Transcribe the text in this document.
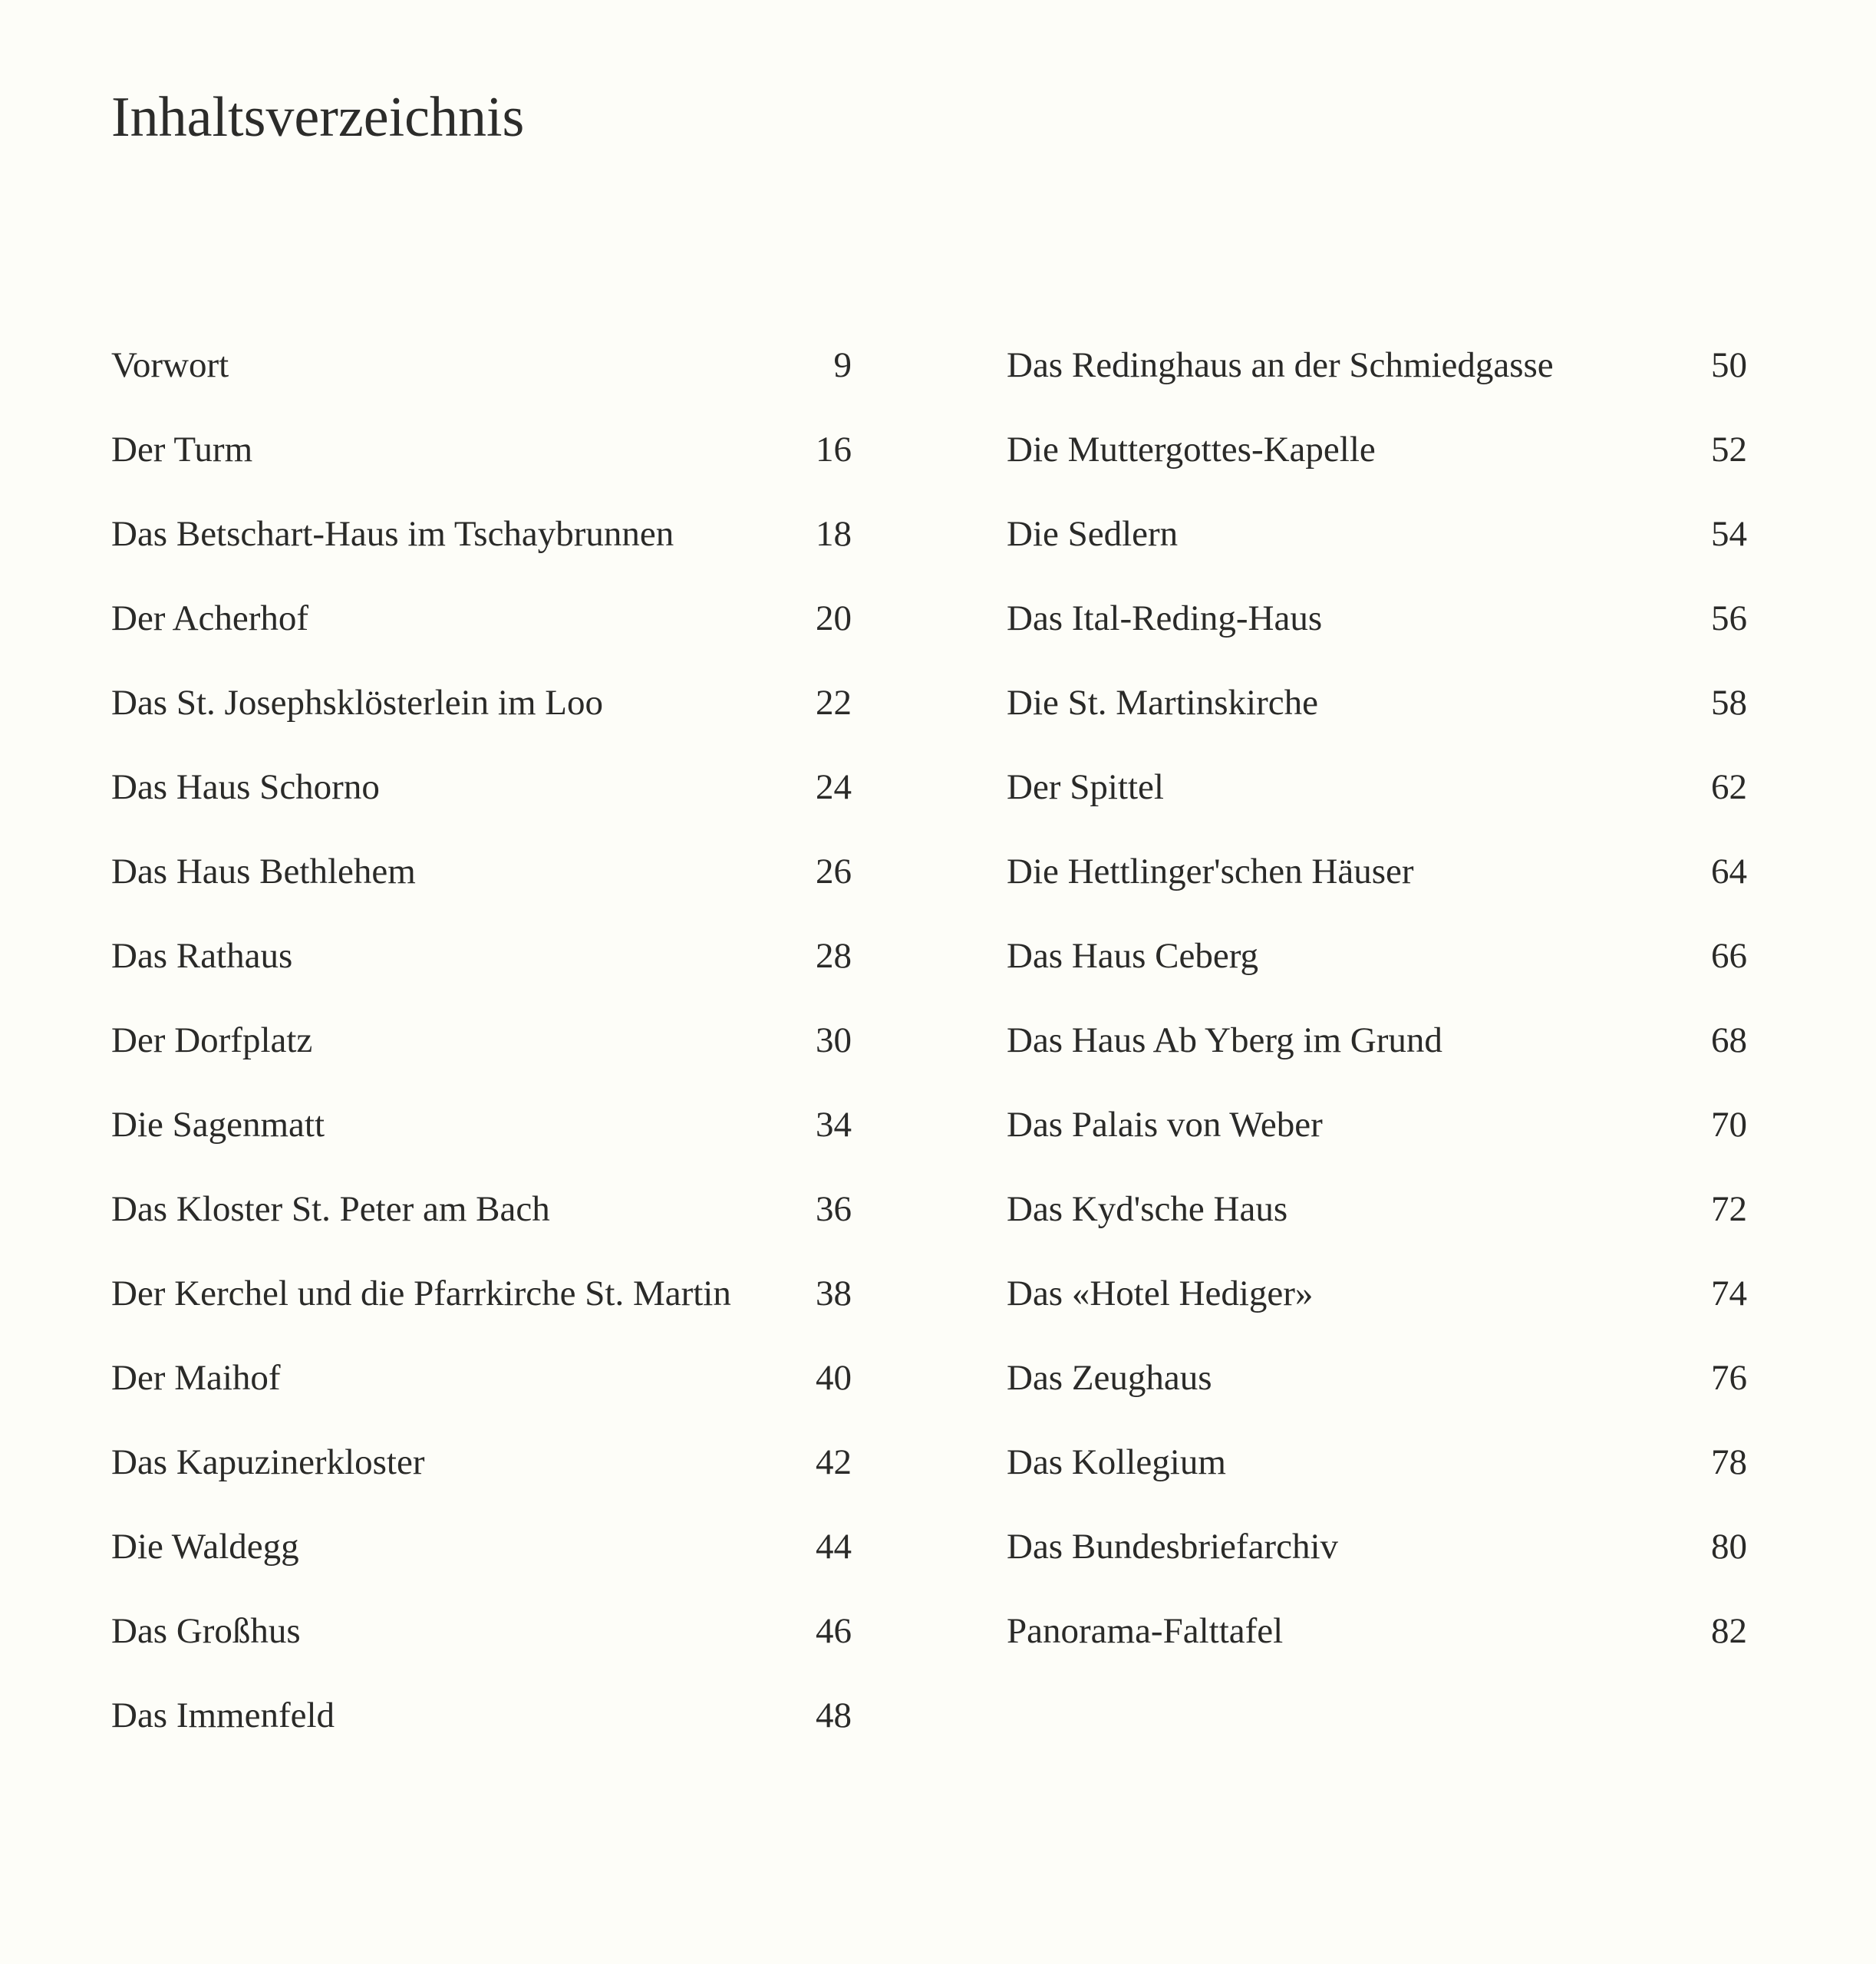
Inhaltsverzeichnis
Vorwort	9
Der Turm	16
Das Betschart-Haus im Tschaybrunnen	18
Der Acherhof	20
Das St. Josephsklösterlein im Loo	22
Das Haus Schorno	24
Das Haus Bethlehem	26
Das Rathaus	28
Der Dorfplatz	30
Die Sagenmatt	34
Das Kloster St. Peter am Bach	36
Der Kerchel und die Pfarrkirche St. Martin	38
Der Maihof	40
Das Kapuzinerkloster	42
Die Waldegg	44
Das Großhus	46
Das Immenfeld	48
Das Redinghaus an der Schmiedgasse	50
Die Muttergottes-Kapelle	52
Die Sedlern	54
Das Ital-Reding-Haus	56
Die St. Martinskirche	58
Der Spittel	62
Die Hettlinger'schen Häuser	64
Das Haus Ceberg	66
Das Haus Ab Yberg im Grund	68
Das Palais von Weber	70
Das Kyd'sche Haus	72
Das «Hotel Hediger»	74
Das Zeughaus	76
Das Kollegium	78
Das Bundesbriefarchiv	80
Panorama-Falttafel	82
